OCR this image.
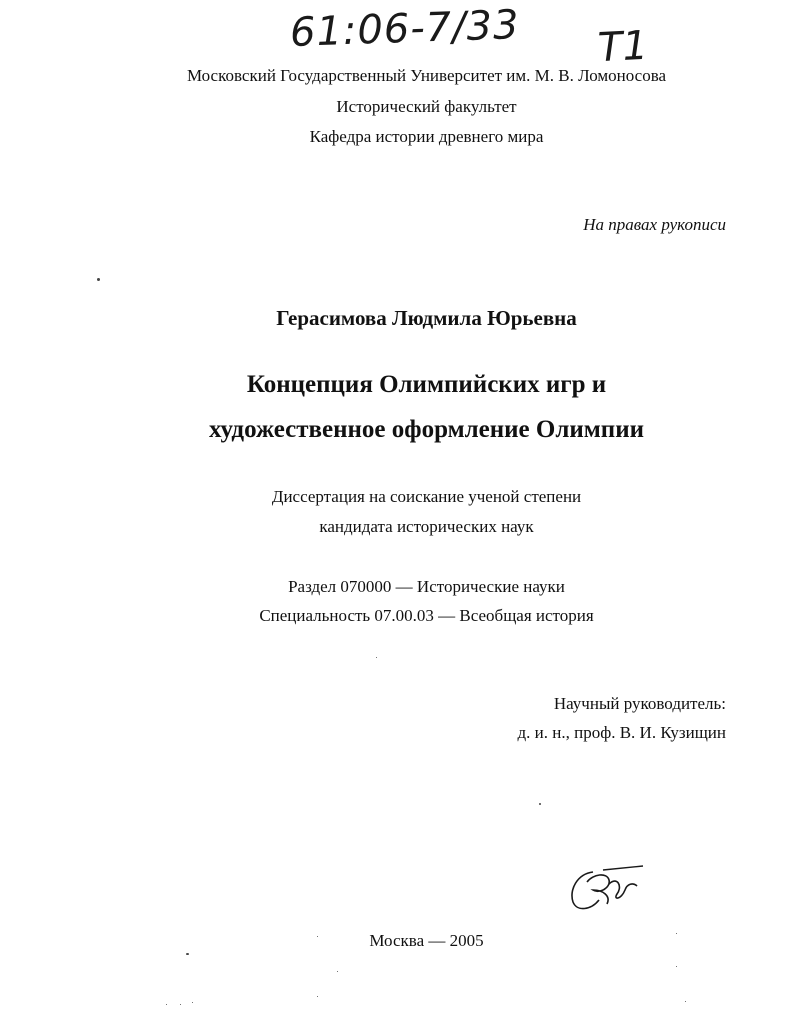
61:06-7/33 T1
Московский Государственный Университет им. М. В. Ломоносова
Исторический факультет
Кафедра истории древнего мира
На правах рукописи
Герасимова Людмила Юрьевна
Концепция Олимпийских игр и
художественное оформление Олимпии
Диссертация на соискание ученой степени
кандидата исторических наук
Раздел 070000 — Исторические науки
Специальность 07.00.03 — Всеобщая история
Научный руководитель:
д. и. н., проф. В. И. Кузищин
Москва — 2005
